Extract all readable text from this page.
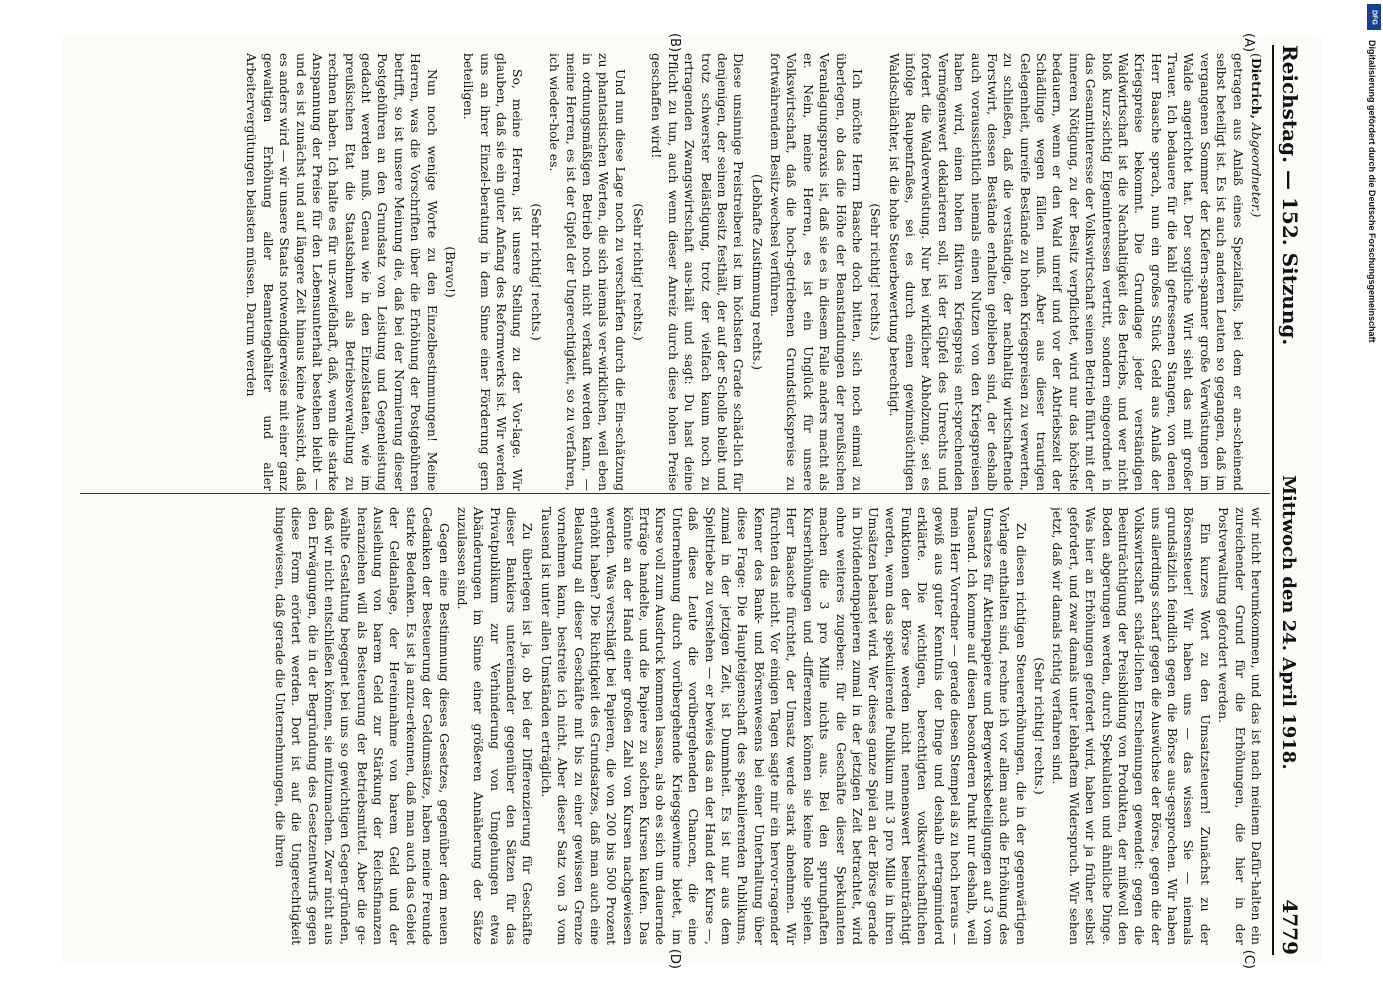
Reichstag. — 152. Sitzung.
Mittwoch den 24. April 1918.
4779
(A)
(B)
(C)
(D)

(Dietrich, Abgeordneter.)

getragen aus Anlaß eines Spezialfalls, bei dem er an-scheinend selbst beteiligt ist. Es ist auch anderen Leuten so gegangen, daß im vergangenen Sommer der Kiefern-spanner große Verwüstungen im Walde angerichtet hat. Der sorgliche Wirt sieht das mit großer Trauer. Ich bedauere für die kahl gefressenen Stangen, von denen Herr Baasche sprach, nun ein großes Stück Geld aus Anlaß der Kriegspreise bekommt. Die Grundlage jeder verständigen Waldwirtschaft ist die Nachhaltigkeit des Betriebs, und wer nicht bloß kurz-sichtig Eigeninteressen vertritt, sondern eingeordnet in das Gesamtinteresse der Volkswirtschaft seinen Betrieb führt mit der inneren Nötigung, zu der Besitz verpflichtet, wird nur das höchste bedauern, wenn er den Wald unreif und vor der Abtriebszeit der Schädlinge wegen fällen muß. Aber aus dieser traurigen Gelegenheit, unreife Bestände zu hohen Kriegspreisen zu verwerten, zu schließen, daß die verständige, der nachhaltig wirtschaftende Forstwirt, dessen Bestände erhalten geblieben sind, der deshalb auch voraussichtlich niemals einen Nutzen von den Kriegspreisen haben wird, einen hohen fiktiven Kriegspreis ent-sprechenden Vermögenswert deklarieren soll, ist der Gipfel des Unrechts und fordert die Waldverwüstung. Nur bei wirklicher Abholzung, sei es infolge Raupenfraßes, sei es durch einen gewinnsüchtigen Waldschlächter, ist die hohe Steuerbewertung berechtigt.

(Sehr richtig! rechts.)

Ich möchte Herrn Baasche doch bitten, sich noch einmal zu überlegen, ob das die Höhe der Beanstandungen der preußischen Veranlagungspraxis ist, daß sie es in diesem Falle anders macht als er. Nein, meine Herren, es ist ein Unglück für unsere Volkswirtschaft, daß die hoch-getriebenen Grundstückspreise zu fortwährendem Besitz-wechsel verführen.

(Lebhafte Zustimmung rechts.)

Diese unsinnige Preistreiberei ist im höchsten Grade schäd-lich für denjenigen, der seinen Besitz festhält, der auf der Scholle bleibt und trotz schwerster Belästigung, trotz der vielfach kaum noch zu ertragenden Zwangswirtschaft aus-hält und sagt: Du hast deine Pflicht zu tun, auch wenn dieser Anreiz durch diese hohen Preise geschaffen wird!

(Sehr richtig! rechts.)

Und nun diese Lage noch zu verschärfen durch die Ein-schätzung zu phantastischen Werten, die sich niemals ver-wirklichen, weil eben in ordnungsmäßigen Betrieb noch nicht verkauft werden kann, — meine Herren, es ist der Gipfel der Ungerechtigkeit, so zu verfahren, ich wieder-hole es.

(Sehr richtig! rechts.)

So, meine Herren, ist unsere Stellung zu der Vor-lage. Wir glauben, daß sie ein guter Anfang des Reformwerks ist. Wir werden uns an ihrer Einzel-beratung in dem Sinne einer Förderung gern beteiligen.

(Bravo!)

Nun noch wenige Worte zu den Einzelbestimmungen! Meine Herren, was die Vorschriften über die Erhöhung der Postgebühren betrifft, so ist unsere Meinung die, daß bei der Normierung dieser Postgebühren an den Grundsatz von Leistung und Gegenleistung gedacht werden muß. Genau wie in den Einzelstaaten, wie im preußischen Etat die Staatsbahnen als Betriebsverwaltung zu rechnen haben. Ich halte es für un-zweifelhaft, daß, wenn die starke Anspannung der Preise für den Lebensunterhalt bestehen bleibt — und es ist zunächst und auf längere Zeit hinaus keine Aussicht, daß es anders wird — wir unsere Staats notwendigerweise mit einer ganz gewaltigen Erhöhung aller Beamtengehälter und aller Arbeitervergütungen belasten müssen. Darum werden

wir nicht herumkommen, und das ist nach meinem Dafür-halten ein zureichender Grund für die Erhöhungen, die hier in der Postverwaltung gefordert werden.

Ein kurzes Wort zu den Umsatzsteuern! Zunächst zu der Börsensteuer! Wir haben uns — das wissen Sie — niemals grundsätzlich feindlich gegen die Börse aus-gesprochen. Wir haben uns allerdings scharf gegen die Auswüchse der Börse, gegen die der Volkswirtschaft schäd-lichen Erscheinungen gewendet: gegen die Beeinträchtigung der Preisbildung von Produkten, der mißwoll den Boden abgerungen werden, durch Spekulation und ähnliche Dinge. Was hier an Erhöhungen gefordert wird, haben wir ja früher selbst gefordert, und zwar damals unter lebhaftem Widerspruch. Wir sehen jetzt, daß wir damals richtig verfahren sind.

(Sehr richtig! rechts.)

Zu diesen richtigen Steuererhöhungen, die in der gegenwärtigen Vorlage enthalten sind, rechne ich vor allem auch die Erhöhung des Umsatzes für Aktienpapiere und Bergwerksbeteiligungen auf 3 vom Tausend. Ich komme auf diesen besonderen Punkt nur deshalb, weil mein Herr Vorredner — gerade diesen Stempel als zu hoch heraus — gewiß aus guter Kenntnis der Dinge und deshalb ertragminderd erklärte. Die wichtigen, berechtigten volkswirtschaftlichen Funktionen der Börse werden nicht nennenswert beeinträchtigt werden, wenn das spekulierende Publikum mit 3 pro Mille in ihren Umsätzen belastet wird. Wer dieses ganze Spiel an der Börse gerade in Dividendenpapieren zumal in der jetzigen Zeit betrachtet, wird ohne weiteres zugeben: für die Geschäfte dieser Spekulanten machen die 3 pro Mille nichts aus. Bei den sprunghaften Kurserhöhungen und -differenzen können sie keine Rolle spielen. Herr Baasche fürchtet, der Umsatz werde stark abnehmen. Wir fürchten das nicht. Vor einigen Tagen sagte mir ein hervor-ragender Kenner des Bank- und Börsenwesens bei einer Unterhaltung über diese Frage: Die Haupteigenschaft des spekulierenden Publikums, zumal in der jetzigen Zeit, ist Dummheit. Es ist nur aus dem Spieltriebe zu verstehen — er bewies das an der Hand der Kurse —, daß diese Leute die vorübergehenden Chancen, die eine Unternehmung durch vorübergehende Kriegsgewinne bietet, im Kurse voll zum Ausdruck kommen lassen, als ob es sich um dauernde Erträge handelte, und die Papiere zu solchen Kursen kaufen. Das könnte an der Hand einer großen Zahl von Kursen nachgewiesen werden. Was verschlägt bei Papieren, die von 200 bis 500 Prozent erhöht haben? Die Richtigkeit des Grundsatzes, daß man auch eine Belastung all dieser Geschäfte mit bis zu einer gewissen Grenze vornehmen kann, bestreite ich nicht. Aber dieser Satz von 3 vom Tausend ist unter allen Umständen erträglich.

Zu überlegen ist ja, ob bei der Differenzierung für Geschäfte dieser Bankiers untereinander gegenüber den Sätzen für das Privatpublikum zur Verhinderung von Umgehungen etwa Abänderungen im Sinne einer größeren Annäherung der Sätze zuzulassen sind.

Gegen eine Bestimmung dieses Gesetzes, gegenüber dem neuen Gedanken der Besteuerung der Geldumsätze, haben meine Freunde starke Bedenken. Es ist ja anzu-erkennen, daß man auch das Gebiet der Geldanlage, der Hereinnahme von barem Geld und der Ausleihung von barem Geld zur Stärkung der Reichsfinanzen heranziehen will als Besteuerung der Betriebsmittel. Aber die ge-wählte Gestaltung begegnet bei uns so gewichtigen Gegen-gründen, daß wir nicht entschließen können, sie mitzumachen. Zwar nicht aus den Erwägungen, die in der Begründung des Gesetzentwurfs gegen diese Form erörtert werden. Dort ist auf die Ungerechtigkeit hingewiesen, daß gerade die Unternehmungen, die ihren

DFG
Digitalisierung gefördert durch die Deutsche Forschungsgemeinschaft
